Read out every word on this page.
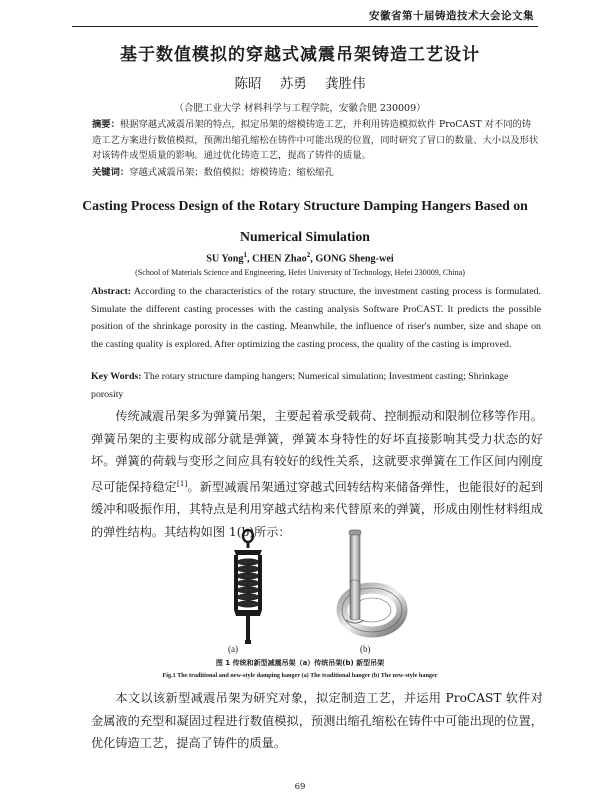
安徽省第十届铸造技术大会论文集
基于数值模拟的穿越式减震吊架铸造工艺设计
陈昭 苏勇 龚胜伟
（合肥工业大学 材料科学与工程学院，安徽合肥 230009）
摘要：根据穿越式减震吊架的特点，拟定吊架的熔模铸造工艺，并利用铸造模拟软件 ProCAST 对不同的铸造工艺方案进行数值模拟，预测出缩孔缩松在铸件中可能出现的位置，同时研究了冒口的数量、大小以及形状对该铸件成型质量的影响。通过优化铸造工艺，提高了铸件的质量。
关键词：穿越式减震吊架；数值模拟；熔模铸造；缩松缩孔
Casting Process Design of the Rotary Structure Damping Hangers Based on Numerical Simulation
SU Yong$^1$, CHEN Zhao$^2$, GONG Sheng-wei
(School of Materials Science and Engineering, Hefei University of Technology, Hefei 230009, China)
Abstract: According to the characteristics of the rotary structure, the investment casting process is formulated. Simulate the different casting processes with the casting analysis Software ProCAST. It predicts the possible position of the shrinkage porosity in the casting. Meanwhile, the influence of riser's number, size and shape on the casting quality is explored. After optimizing the casting process, the quality of the casting is improved.
Key Words: The rotary structure damping hangers; Numerical simulation; Investment casting; Shrinkage porosity
传统减震吊架多为弹簧吊架，主要起着承受载荷、控制振动和限制位移等作用。弹簧吊架的主要构成部分就是弹簧，弹簧本身特性的好坏直接影响其受力状态的好坏。弹簧的荷载与变形之间应具有较好的线性关系，这就要求弹簧在工作区间内刚度尽可能保持稳定[1]。新型减震吊架通过穿越式回转结构来储备弹性，也能很好的起到缓冲和吸振作用，其特点是利用穿越式结构来代替原来的弹簧，形成由刚性材料组成的弹性结构。其结构如图 1(b)所示：
(a)	(b)
图 1 传统和新型减震吊架（a）传统吊架(b) 新型吊架
Fig.1 The traditional and new-style damping hanger (a) The traditional hanger (b) The new-style hanger
本文以该新型减震吊架为研究对象，拟定制造工艺，并运用 ProCAST 软件对金属液的充型和凝固过程进行数值模拟，预测出缩孔缩松在铸件中可能出现的位置，优化铸造工艺，提高了铸件的质量。
69
